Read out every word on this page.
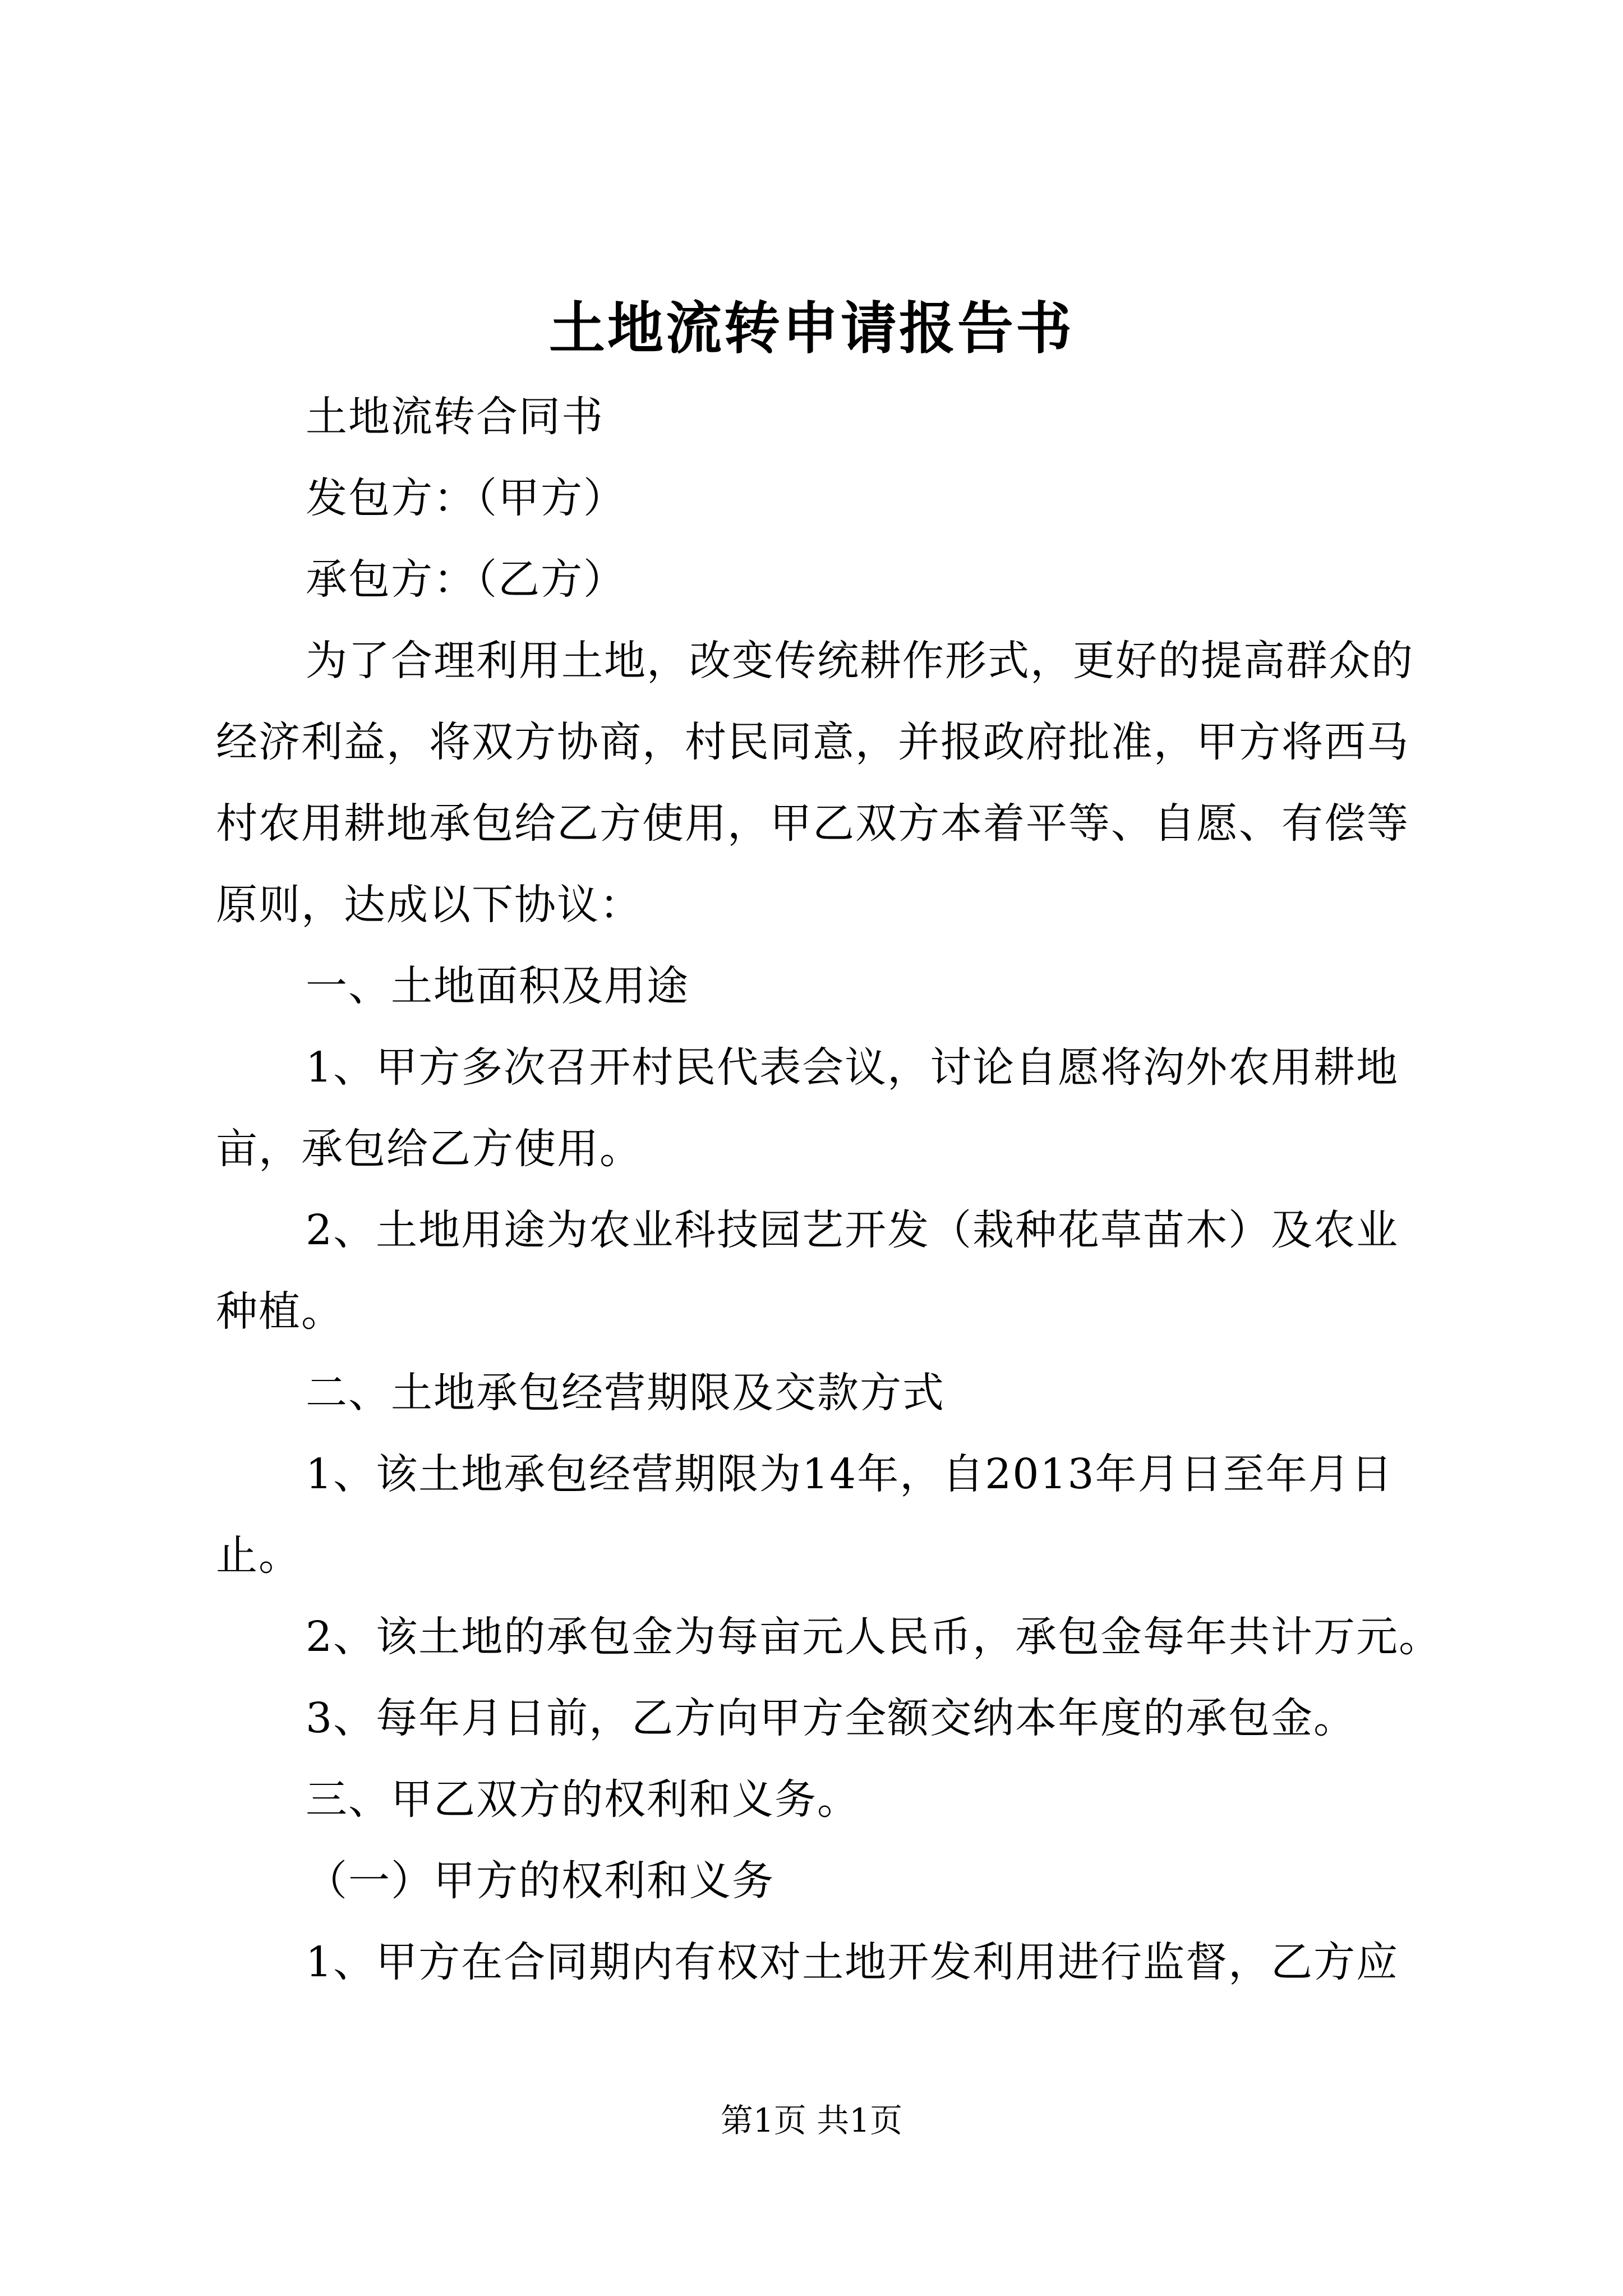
土地流转申请报告书
土地流转合同书
发包方：（甲方）
承包方：（乙方）
为了合理利用土地，改变传统耕作形式，更好的提高群众的
经济利益，将双方协商，村民同意，并报政府批准，甲方将西马
村农用耕地承包给乙方使用，甲乙双方本着平等、自愿、有偿等
原则，达成以下协议：
一、土地面积及用途
1、甲方多次召开村民代表会议，讨论自愿将沟外农用耕地
亩，承包给乙方使用。
2、土地用途为农业科技园艺开发（栽种花草苗木）及农业
种植。
二、土地承包经营期限及交款方式
1、该土地承包经营期限为14年，自2013年月日至年月日
止。
2、该土地的承包金为每亩元人民币，承包金每年共计万元。
3、每年月日前，乙方向甲方全额交纳本年度的承包金。
三、甲乙双方的权利和义务。
（一）甲方的权利和义务
1、甲方在合同期内有权对土地开发利用进行监督，乙方应
第1页 共1页
